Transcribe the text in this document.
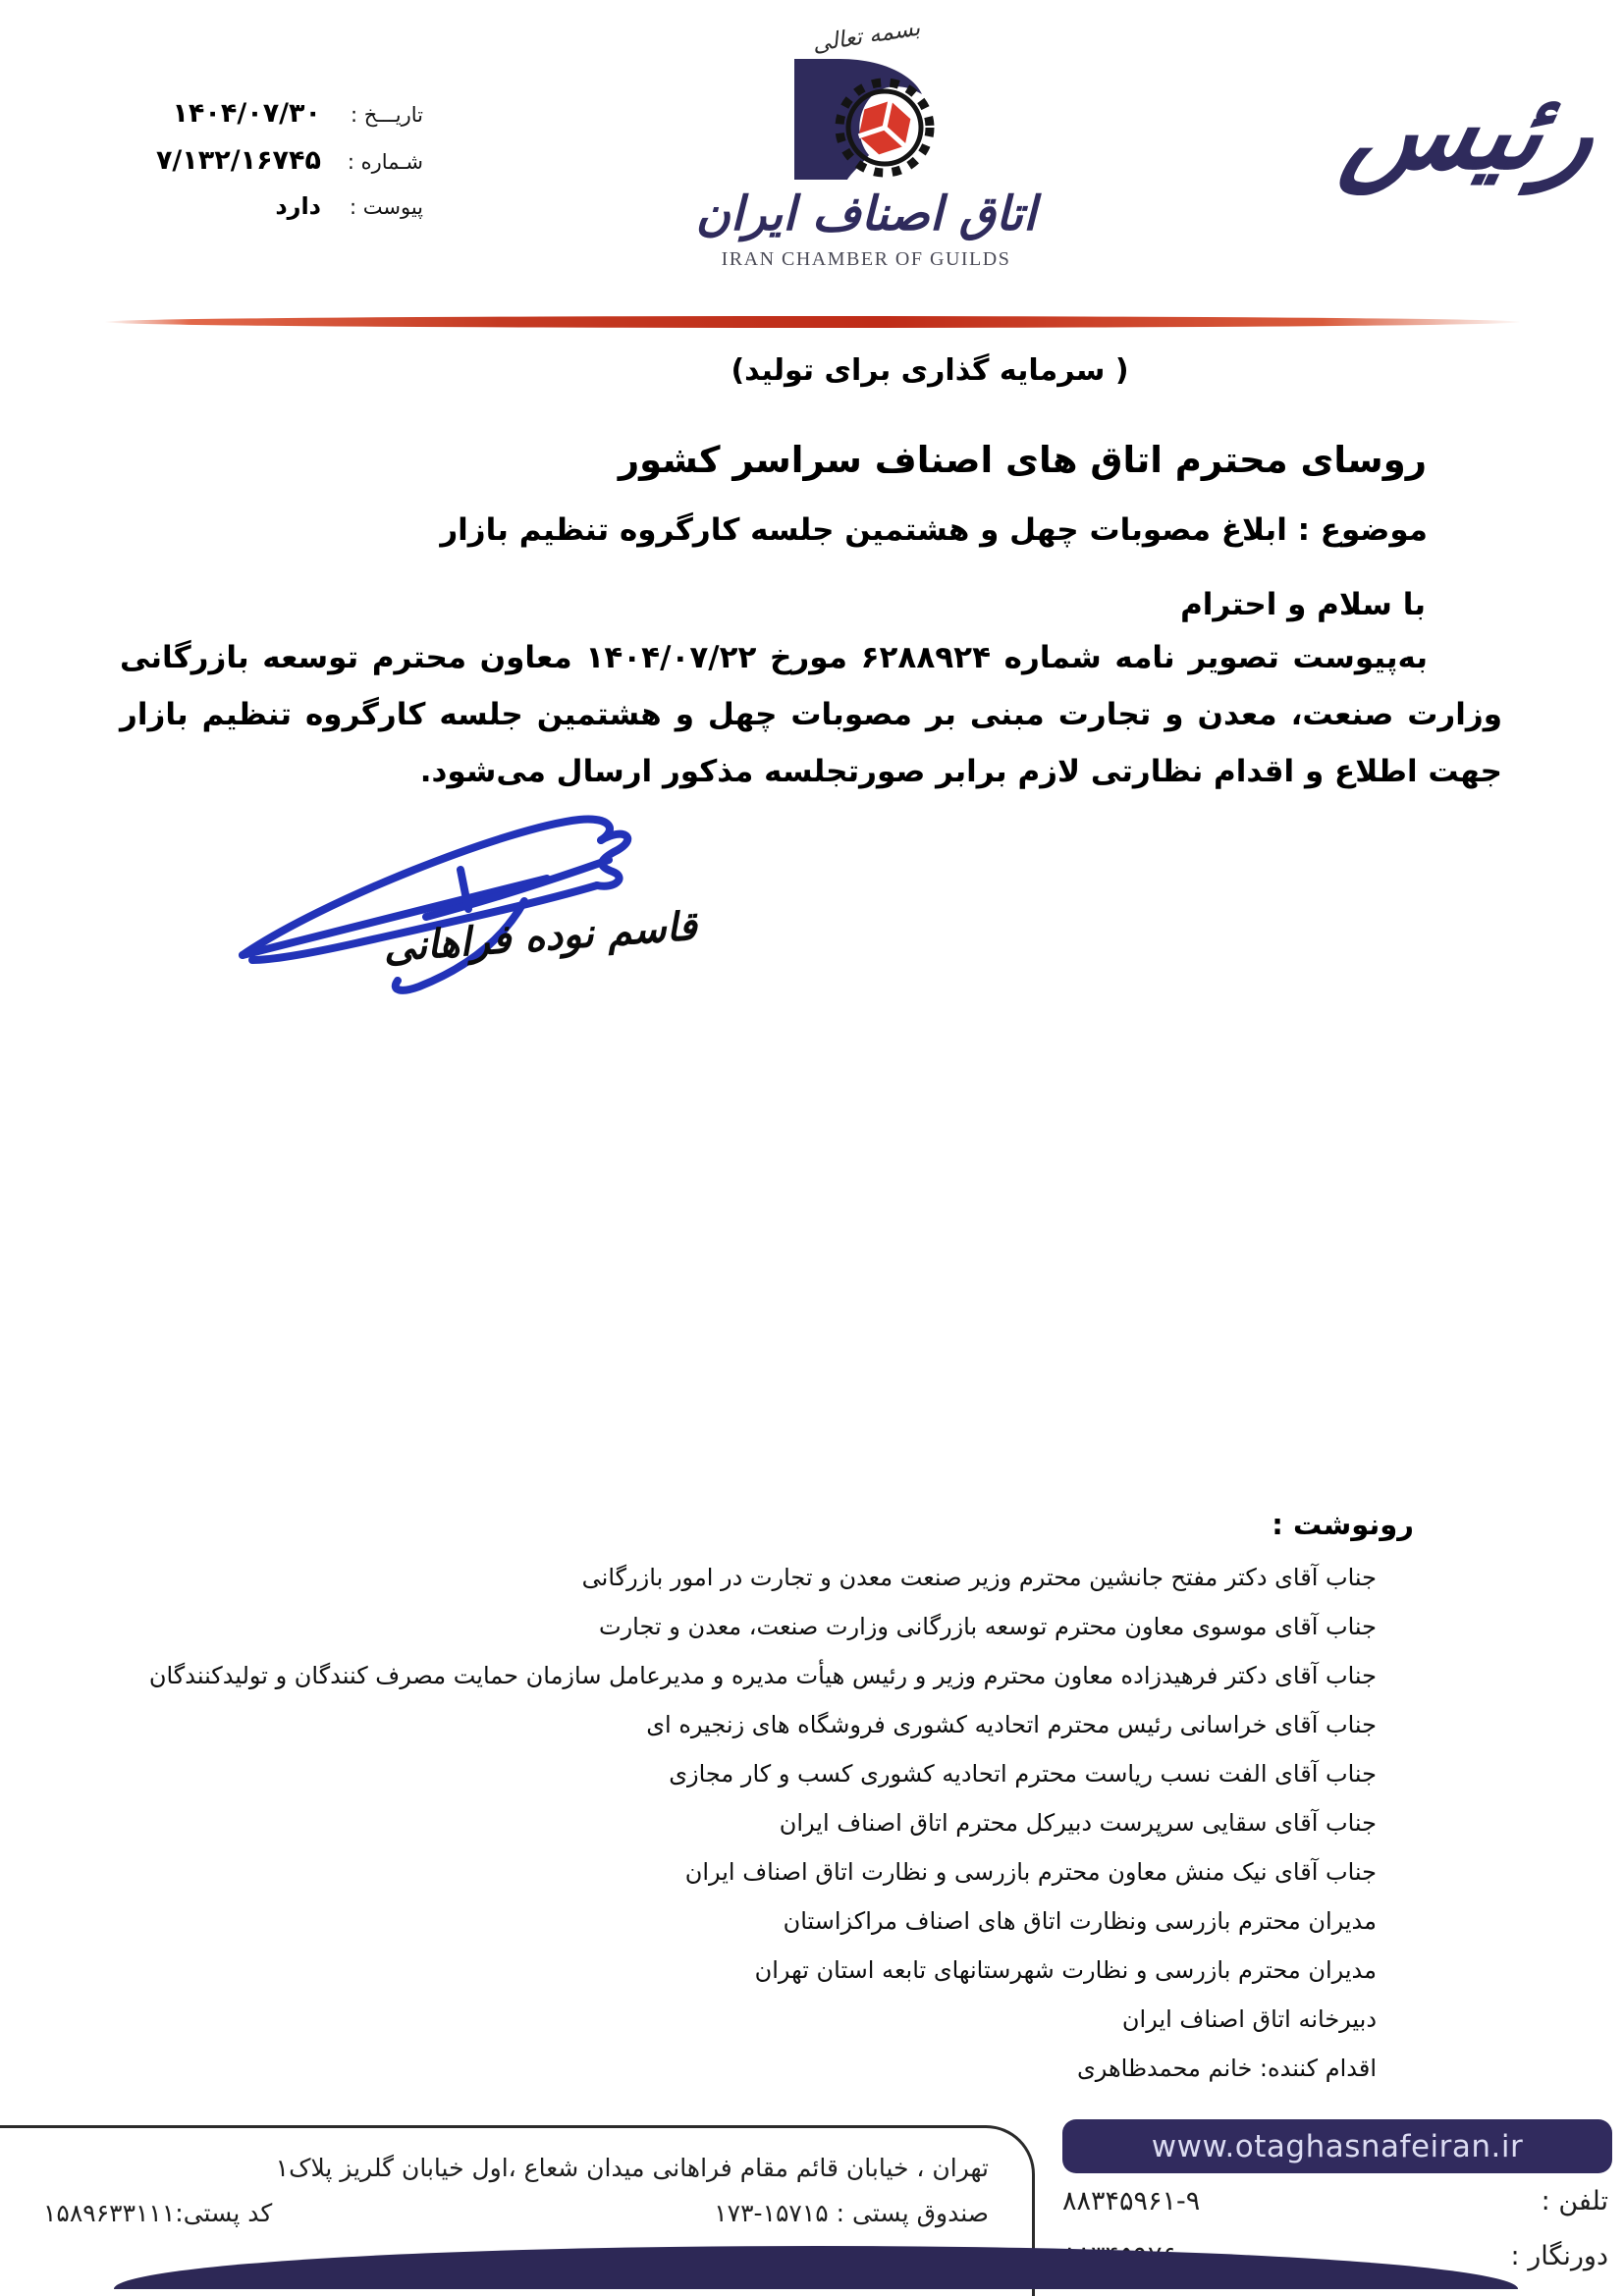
رئیس
بسمه تعالی
اتاق اصناف ایران
IRAN CHAMBER OF GUILDS
تاریـــخ :
۱۴۰۴/۰۷/۳۰
شـماره :
۷/۱۳۲/۱۶۷۴۵
پیوست :
دارد
( سرمایه گذاری برای تولید)
روسای محترم اتاق های اصناف سراسر کشور
موضوع : ابلاغ مصوبات چهل و هشتمین جلسه کارگروه تنظیم بازار
با سلام و احترام
به‌پیوست تصویر نامه شماره ۶۲۸۸۹۲۴ مورخ ۱۴۰۴/۰۷/۲۲ معاون محترم توسعه بازرگانی وزارت صنعت، معدن و تجارت مبنی بر مصوبات چهل و هشتمین جلسه کارگروه تنظیم بازار جهت اطلاع و اقدام نظارتی لازم برابر صورتجلسه مذکور ارسال می‌شود.
قاسم نوده فراهانی
رونوشت :
جناب آقای دکتر مفتح جانشین محترم وزیر صنعت معدن و تجارت در امور بازرگانی
جناب آقای موسوی معاون محترم توسعه بازرگانی وزارت صنعت، معدن و تجارت
جناب آقای دکتر فرهیدزاده معاون محترم وزیر و رئیس هیأت مدیره و مدیرعامل سازمان حمایت مصرف کنندگان و تولیدکنندگان
جناب آقای خراسانی رئیس محترم اتحادیه کشوری فروشگاه های زنجیره ای
جناب آقای الفت نسب ریاست محترم اتحادیه کشوری کسب و کار مجازی
جناب آقای سقایی سرپرست دبیرکل محترم اتاق اصناف ایران
جناب آقای نیک منش معاون محترم بازرسی و نظارت اتاق اصناف ایران
مدیران محترم بازرسی ونظارت اتاق های اصناف مراکزاستان
مدیران محترم بازرسی و نظارت شهرستانهای تابعه استان تهران
دبیرخانه اتاق اصناف ایران
اقدام کننده: خانم محمدظاهری
تهران ، خیابان قائم مقام فراهانی میدان شعاع ،اول خیابان گلریز پلاک۱
صندوق پستی : ۱۵۷۱۵-۱۷۳
کد پستی:۱۵۸۹۶۳۳۱۱۱
www.otaghasnafeiran.ir
تلفن :
۸۸۳۴۵۹۶۱-۹
دورنگار :
